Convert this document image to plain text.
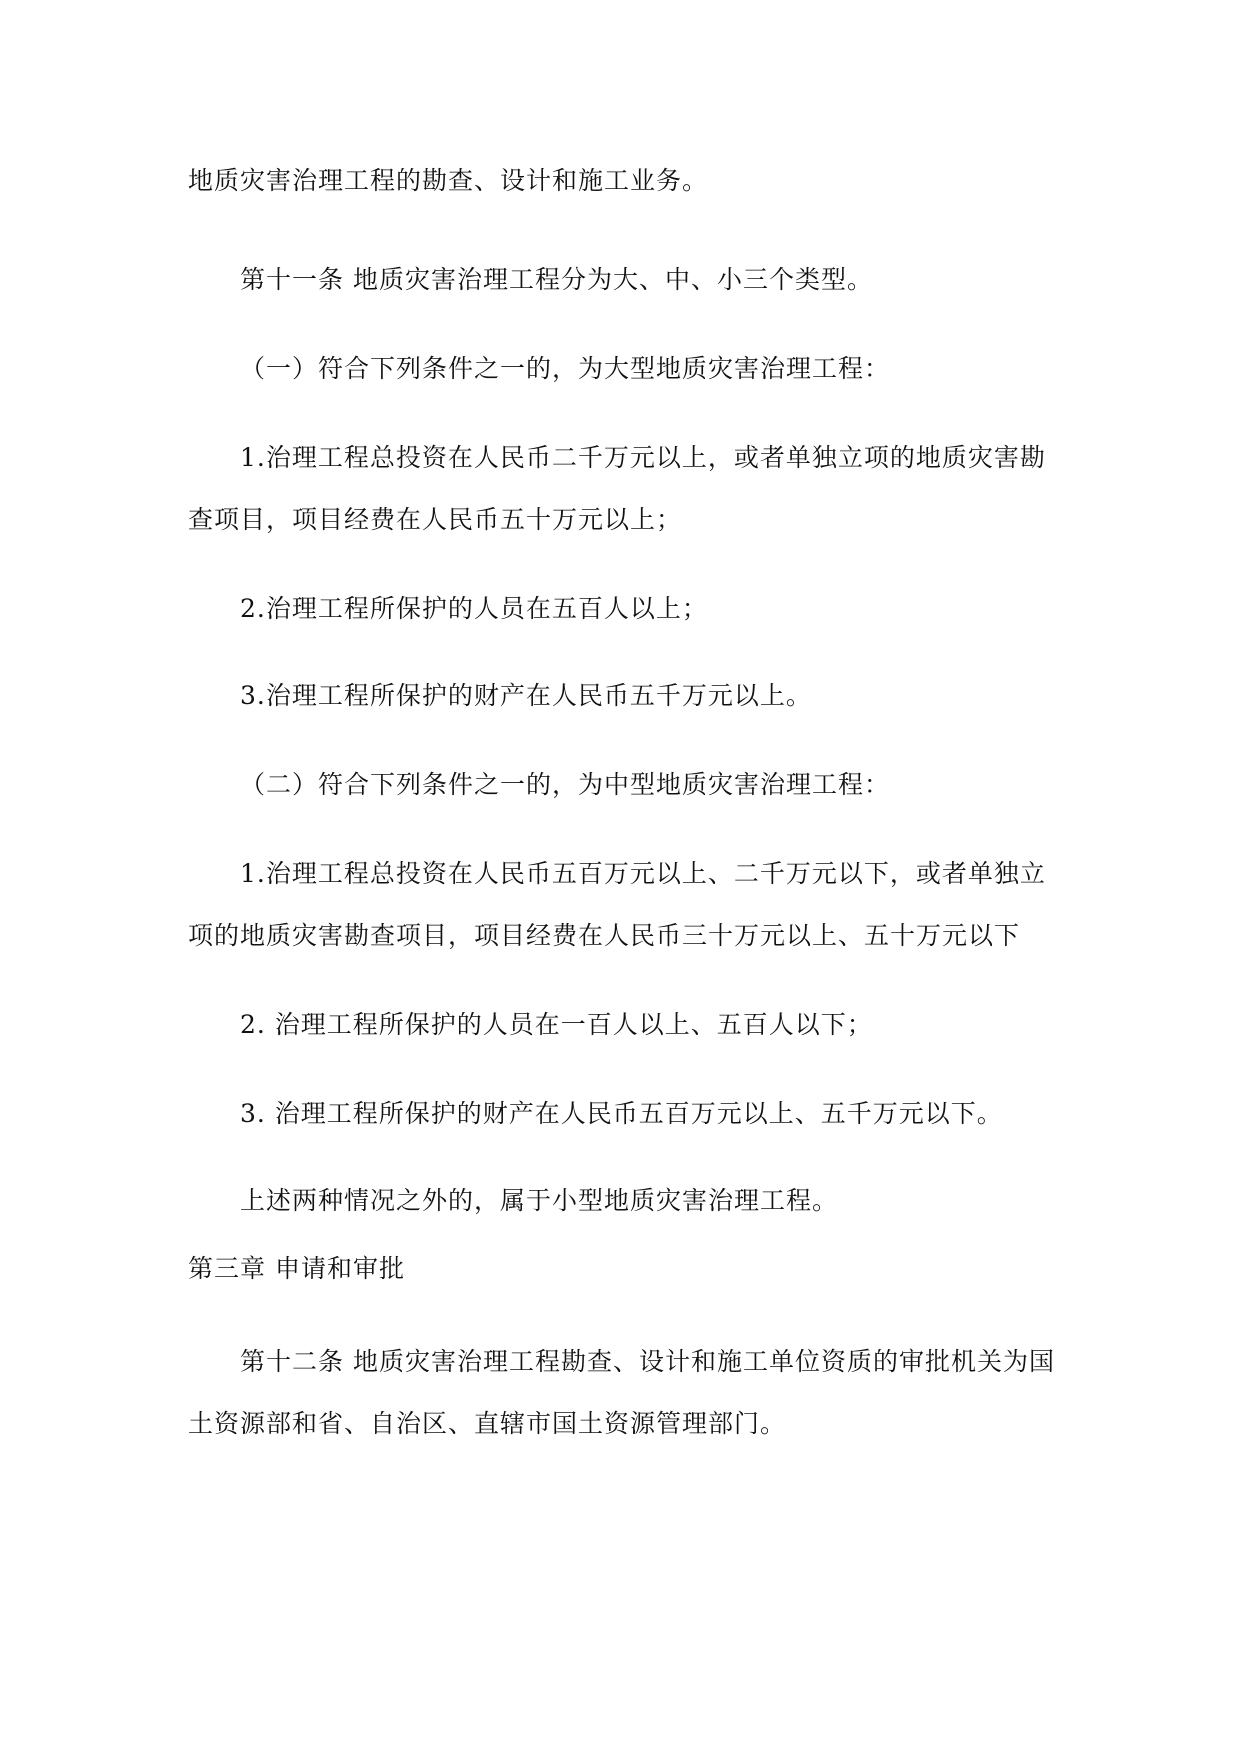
地质灾害治理工程的勘查、设计和施工业务。
第十一条 地质灾害治理工程分为大、中、小三个类型。
（一）符合下列条件之一的，为大型地质灾害治理工程：
1.治理工程总投资在人民币二千万元以上，或者单独立项的地质灾害勘
查项目，项目经费在人民币五十万元以上；
2.治理工程所保护的人员在五百人以上；
3.治理工程所保护的财产在人民币五千万元以上。
（二）符合下列条件之一的，为中型地质灾害治理工程：
1.治理工程总投资在人民币五百万元以上、二千万元以下，或者单独立
项的地质灾害勘查项目，项目经费在人民币三十万元以上、五十万元以下
2. 治理工程所保护的人员在一百人以上、五百人以下；
3. 治理工程所保护的财产在人民币五百万元以上、五千万元以下。
上述两种情况之外的，属于小型地质灾害治理工程。
第三章 申请和审批
第十二条 地质灾害治理工程勘查、设计和施工单位资质的审批机关为国
土资源部和省、自治区、直辖市国土资源管理部门。
